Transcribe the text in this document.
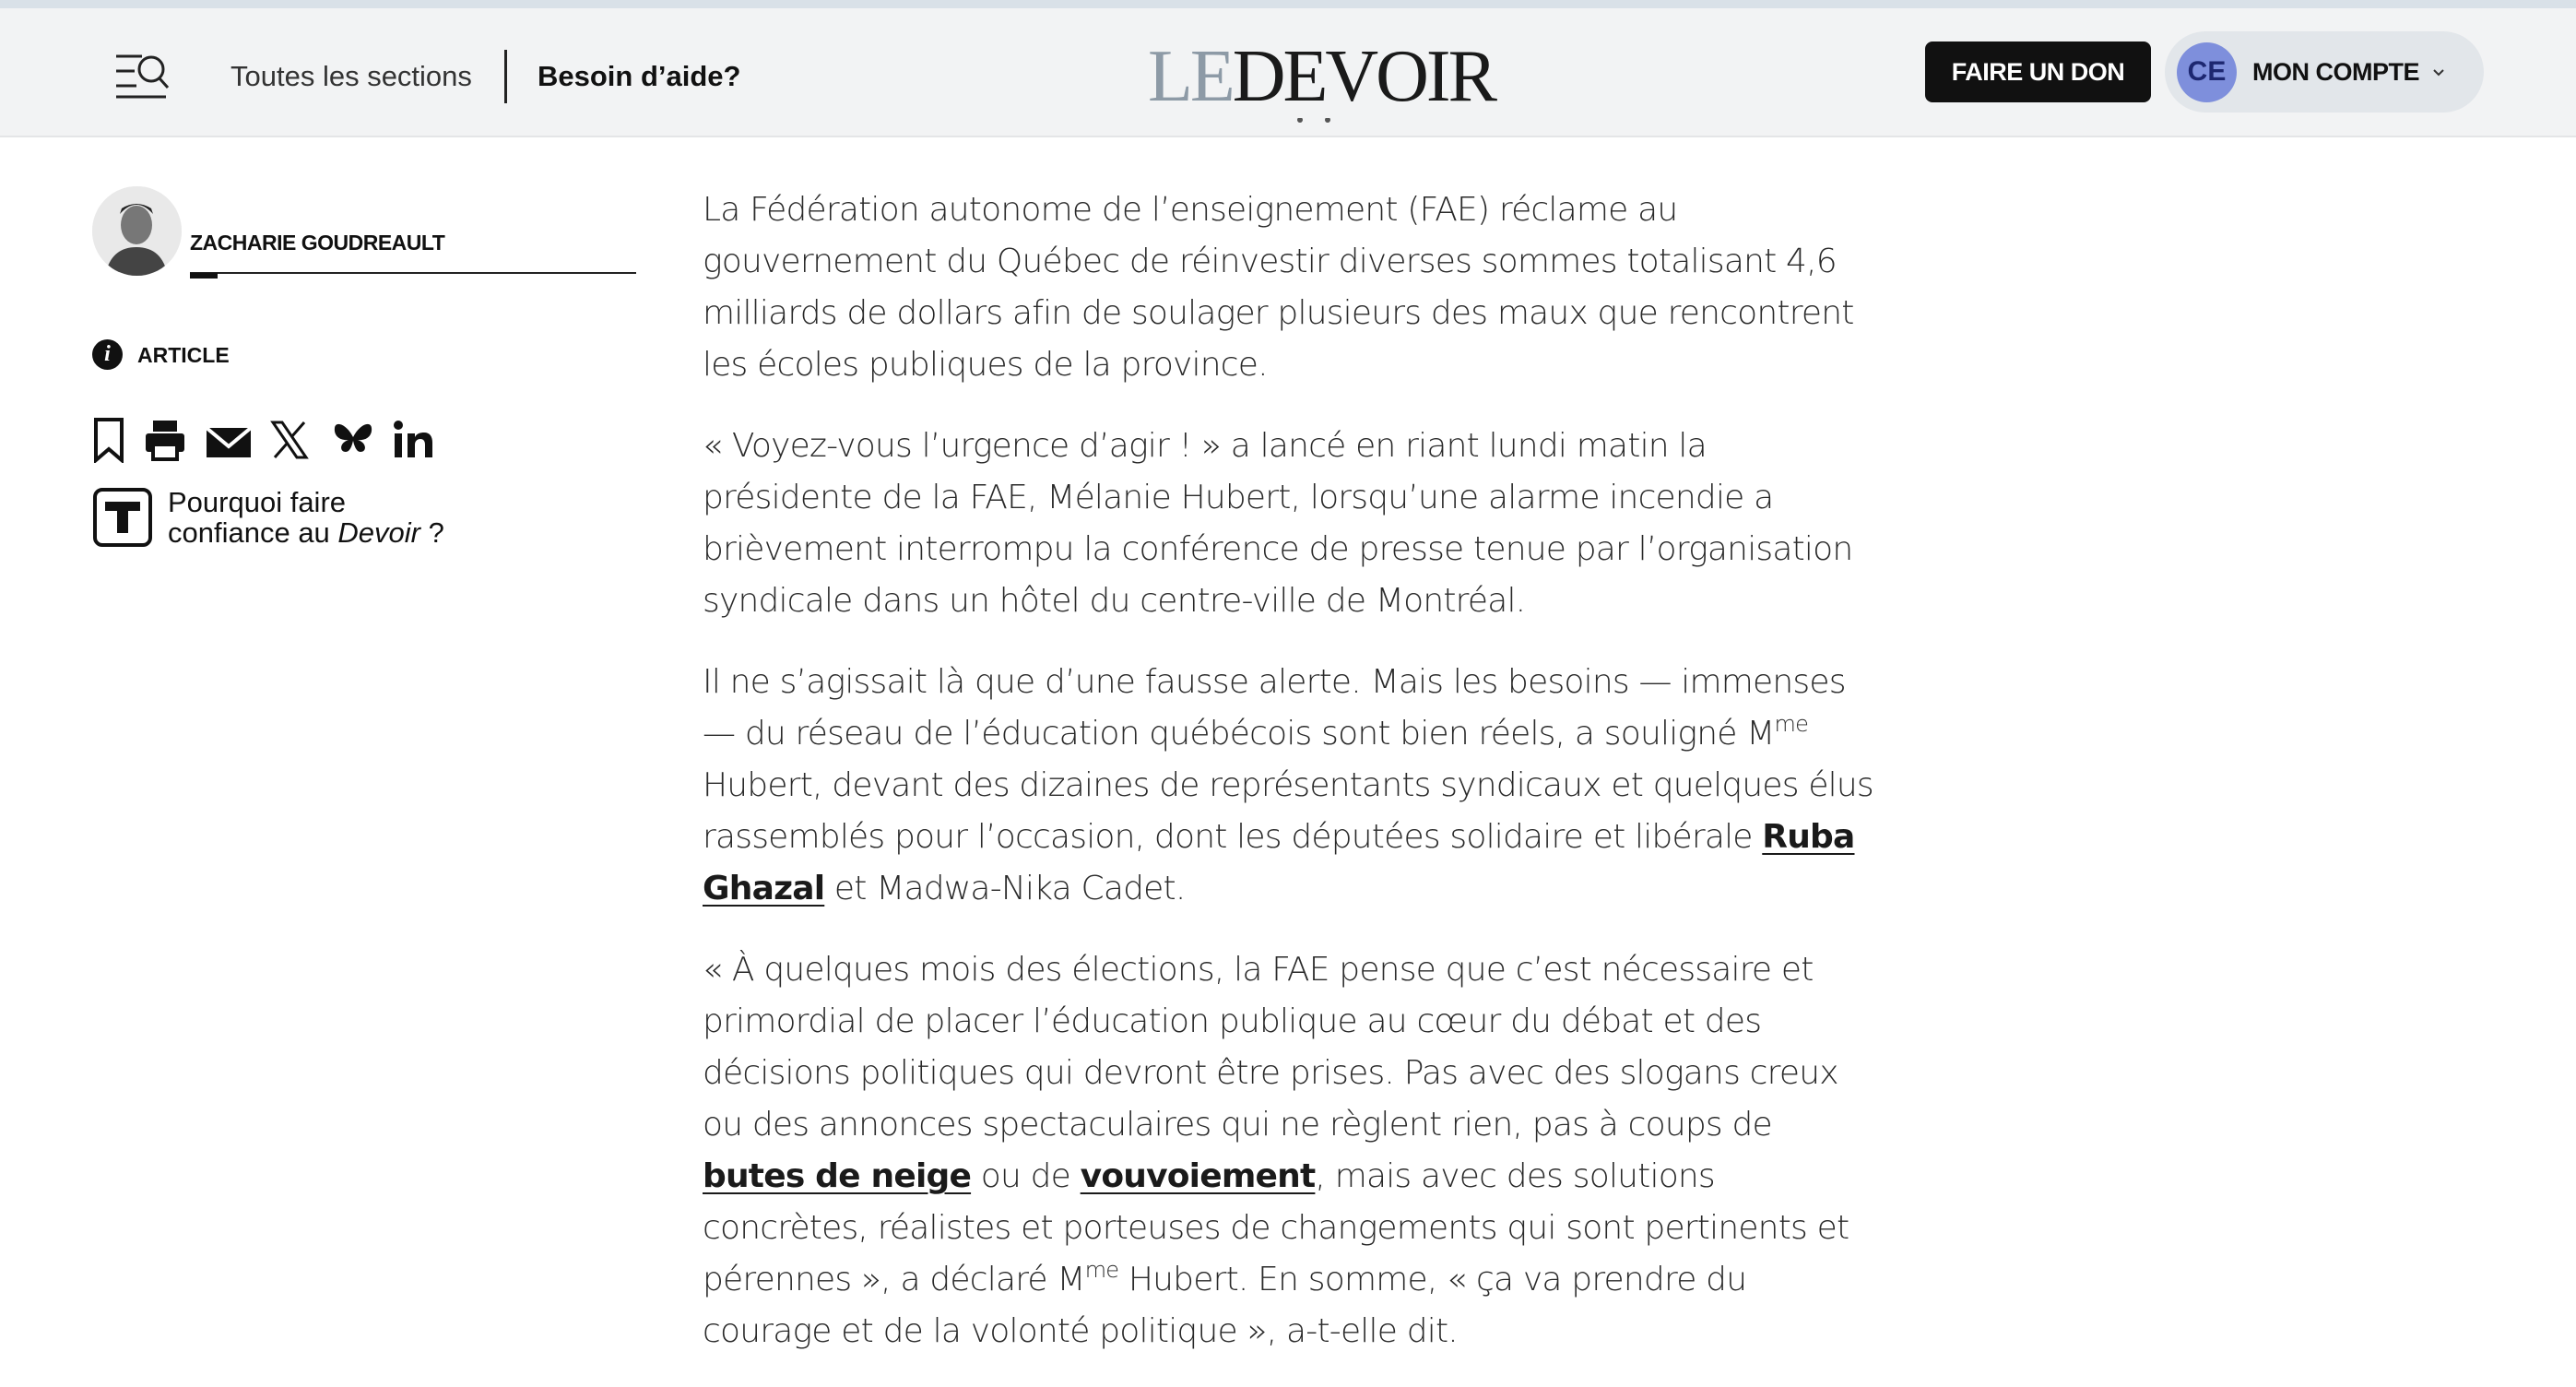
Toutes les sections Besoin d’aide?	LEDEVOIR	FAIRE UN DON	CE	MON COMPTE
ZACHARIE GOUDREAULT
i	ARTICLE
Pourquoi faire
confiance au Devoir ?

La Fédération autonome de l’enseignement (FAE) réclame au gouvernement du Québec de réinvestir diverses sommes totalisant 4,6 milliards de dollars afin de soulager plusieurs des maux que rencontrent les écoles publiques de la province.

« Voyez-vous l’urgence d’agir ! » a lancé en riant lundi matin la présidente de la FAE, Mélanie Hubert, lorsqu’une alarme incendie a brièvement interrompu la conférence de presse tenue par l’organisation syndicale dans un hôtel du centre-ville de Montréal.

Il ne s’agissait là que d’une fausse alerte. Mais les besoins — immenses — du réseau de l’éducation québécois sont bien réels, a souligné $M^{me}$ Hubert, devant des dizaines de représentants syndicaux et quelques élus rassemblés pour l’occasion, dont les députées solidaire et libérale Ruba Ghazal et Madwa-Nika Cadet.

« À quelques mois des élections, la FAE pense que c’est nécessaire et primordial de placer l’éducation publique au cœur du débat et des décisions politiques qui devront être prises. Pas avec des slogans creux ou des annonces spectaculaires qui ne règlent rien, pas à coups de butes de neige ou de vouvoiement, mais avec des solutions concrètes, réalistes et porteuses de changements qui sont pertinents et pérennes », a déclaré $M^{me}$ Hubert. En somme, « ça va prendre du courage et de la volonté politique », a-t-elle dit.
